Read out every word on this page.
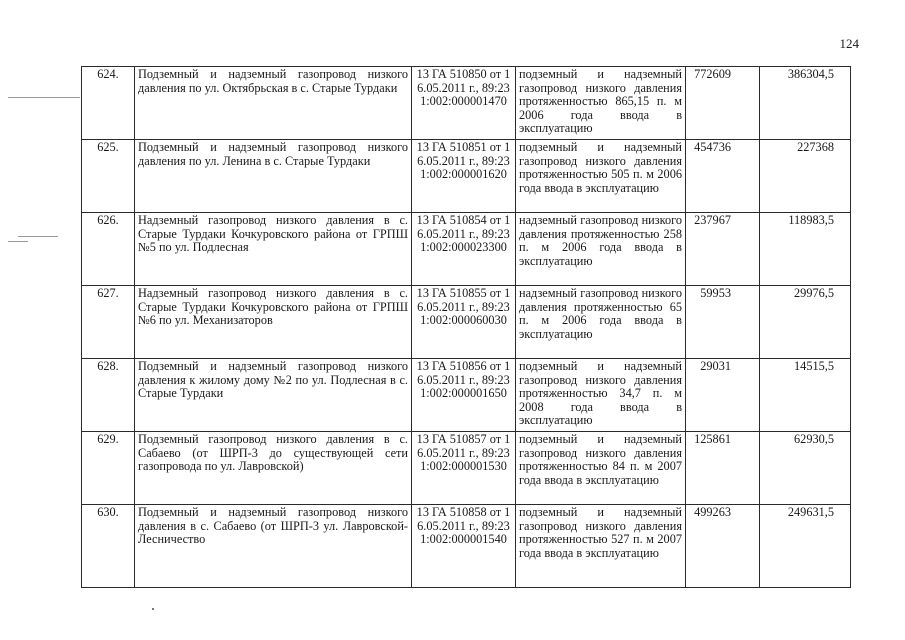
124
624.	Подземный и надземный газопровод низкого давления по ул. Октябрьская в с. Старые Турдаки	13 ГА 510850 от 16.05.2011 г., 89:231:002:000001470	подземный и надземный газопровод низкого давления протяженностью 865,15 п. м 2006 года ввода в эксплуатацию	772609	386304,5
625.	Подземный и надземный газопровод низкого давления по ул. Ленина в с. Старые Турдаки	13 ГА 510851 от 16.05.2011 г., 89:231:002:000001620	подземный и надземный газопровод низкого давления протяженностью 505 п. м 2006 года ввода в эксплуатацию	454736	227368
626.	Надземный газопровод низкого давления в с. Старые Турдаки Кочкуровского района от ГРПШ №5 по ул. Подлесная	13 ГА 510854 от 16.05.2011 г., 89:231:002:000023300	надземный газопровод низкого давления протяженностью 258 п. м 2006 года ввода в эксплуатацию	237967	118983,5
627.	Надземный газопровод низкого давления в с. Старые Турдаки Кочкуровского района от ГРПШ №6 по ул. Механизаторов	13 ГА 510855 от 16.05.2011 г., 89:231:002:000060030	надземный газопровод низкого давления протяженностью 65 п. м 2006 года ввода в эксплуатацию	59953	29976,5
628.	Подземный и надземный газопровод низкого давления к жилому дому №2 по ул. Подлесная в с. Старые Турдаки	13 ГА 510856 от 16.05.2011 г., 89:231:002:000001650	подземный и надземный газопровод низкого давления протяженностью 34,7 п. м 2008 года ввода в эксплуатацию	29031	14515,5
629.	Подземный газопровод низкого давления в с. Сабаево (от ШРП-3 до существующей сети газопровода по ул. Лавровской)	13 ГА 510857 от 16.05.2011 г., 89:231:002:000001530	подземный и надземный газопровод низкого давления протяженностью 84 п. м 2007 года ввода в эксплуатацию	125861	62930,5
630.	Подземный и надземный газопровод низкого давления в с. Сабаево (от ШРП-3 ул. Лавровской-Лесничество	13 ГА 510858 от 16.05.2011 г., 89:231:002:000001540	подземный и надземный газопровод низкого давления протяженностью 527 п. м 2007 года ввода в эксплуатацию	499263	249631,5
